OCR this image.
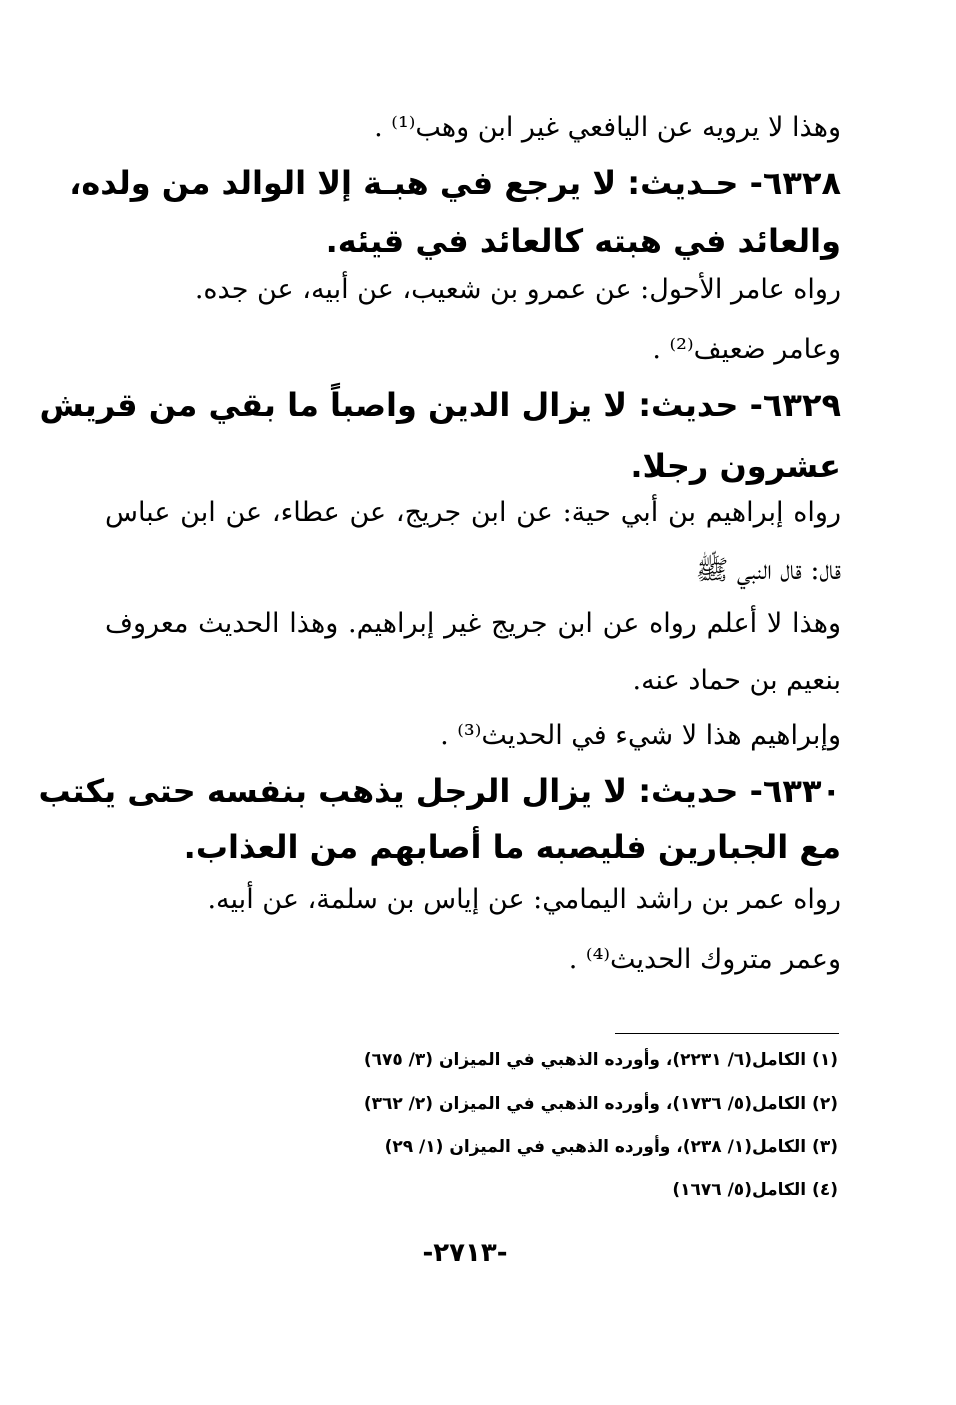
وهذا لا يرويه عن اليافعي غير ابن وهب⁽¹⁾ .
٦٣٢٨- حـديث: لا يرجع في هبـة إلا الوالد من ولده،
والعائد في هبته كالعائد في قيئه.
رواه عامر الأحول: عن عمرو بن شعيب، عن أبيه، عن جده.
وعامر ضعيف⁽²⁾ .
٦٣٢٩- حديث: لا يزال الدين واصباً ما بقي من قريش
عشرون رجلا.
رواه إبراهيم بن أبي حية: عن ابن جريج، عن عطاء، عن ابن عباس
قال: قال النبي ﷺ
وهذا لا أعلم رواه عن ابن جريج غير إبراهيم. وهذا الحديث معروف
بنعيم بن حماد عنه.
وإبراهيم هذا لا شيء في الحديث⁽³⁾ .
٦٣٣٠- حديث: لا يزال الرجل يذهب بنفسه حتى يكتب
مع الجبارين فليصبه ما أصابهم من العذاب.
رواه عمر بن راشد اليمامي: عن إياس بن سلمة، عن أبيه.
وعمر متروك الحديث⁽⁴⁾ .
(١) الكامل(٦/ ٢٢٣١)، وأورده الذهبي في الميزان (٣/ ٦٧٥)
(٢) الكامل(٥/ ١٧٣٦)، وأورده الذهبي في الميزان (٢/ ٣٦٢)
(٣) الكامل(١/ ٢٣٨)، وأورده الذهبي في الميزان (١/ ٢٩)
(٤) الكامل(٥/ ١٦٧٦)
-٢٧١٣-
